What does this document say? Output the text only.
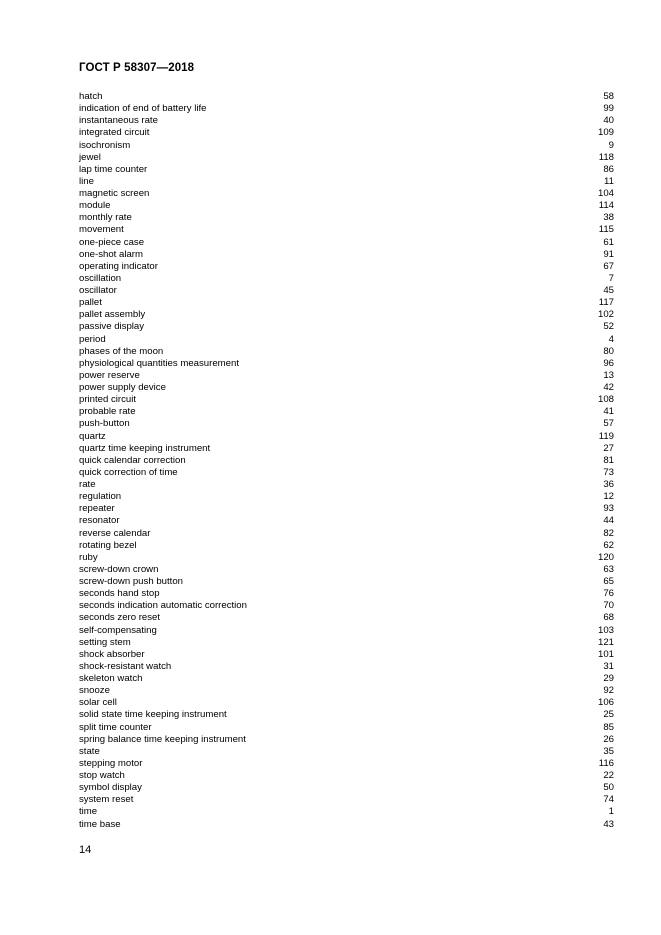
ГОСТ Р 58307—2018
hatch	58
indication of end of battery life	99
instantaneous rate	40
integrated circuit	109
isochronism	9
jewel	118
lap time counter	86
line	11
magnetic screen	104
module	114
monthly rate	38
movement	115
one-piece case	61
one-shot alarm	91
operating indicator	67
oscillation	7
oscillator	45
pallet	117
pallet assembly	102
passive display	52
period	4
phases of the moon	80
physiological quantities measurement	96
power reserve	13
power supply device	42
printed circuit	108
probable rate	41
push-button	57
quartz	119
quartz time keeping instrument	27
quick calendar correction	81
quick correction of time	73
rate	36
regulation	12
repeater	93
resonator	44
reverse calendar	82
rotating bezel	62
ruby	120
screw-down crown	63
screw-down push button	65
seconds hand stop	76
seconds indication automatic correction	70
seconds zero reset	68
self-compensating	103
setting stem	121
shock absorber	101
shock-resistant watch	31
skeleton watch	29
snooze	92
solar cell	106
solid state time keeping instrument	25
split time counter	85
spring balance time keeping instrument	26
state	35
stepping motor	116
stop watch	22
symbol display	50
system reset	74
time	1
time base	43
14
